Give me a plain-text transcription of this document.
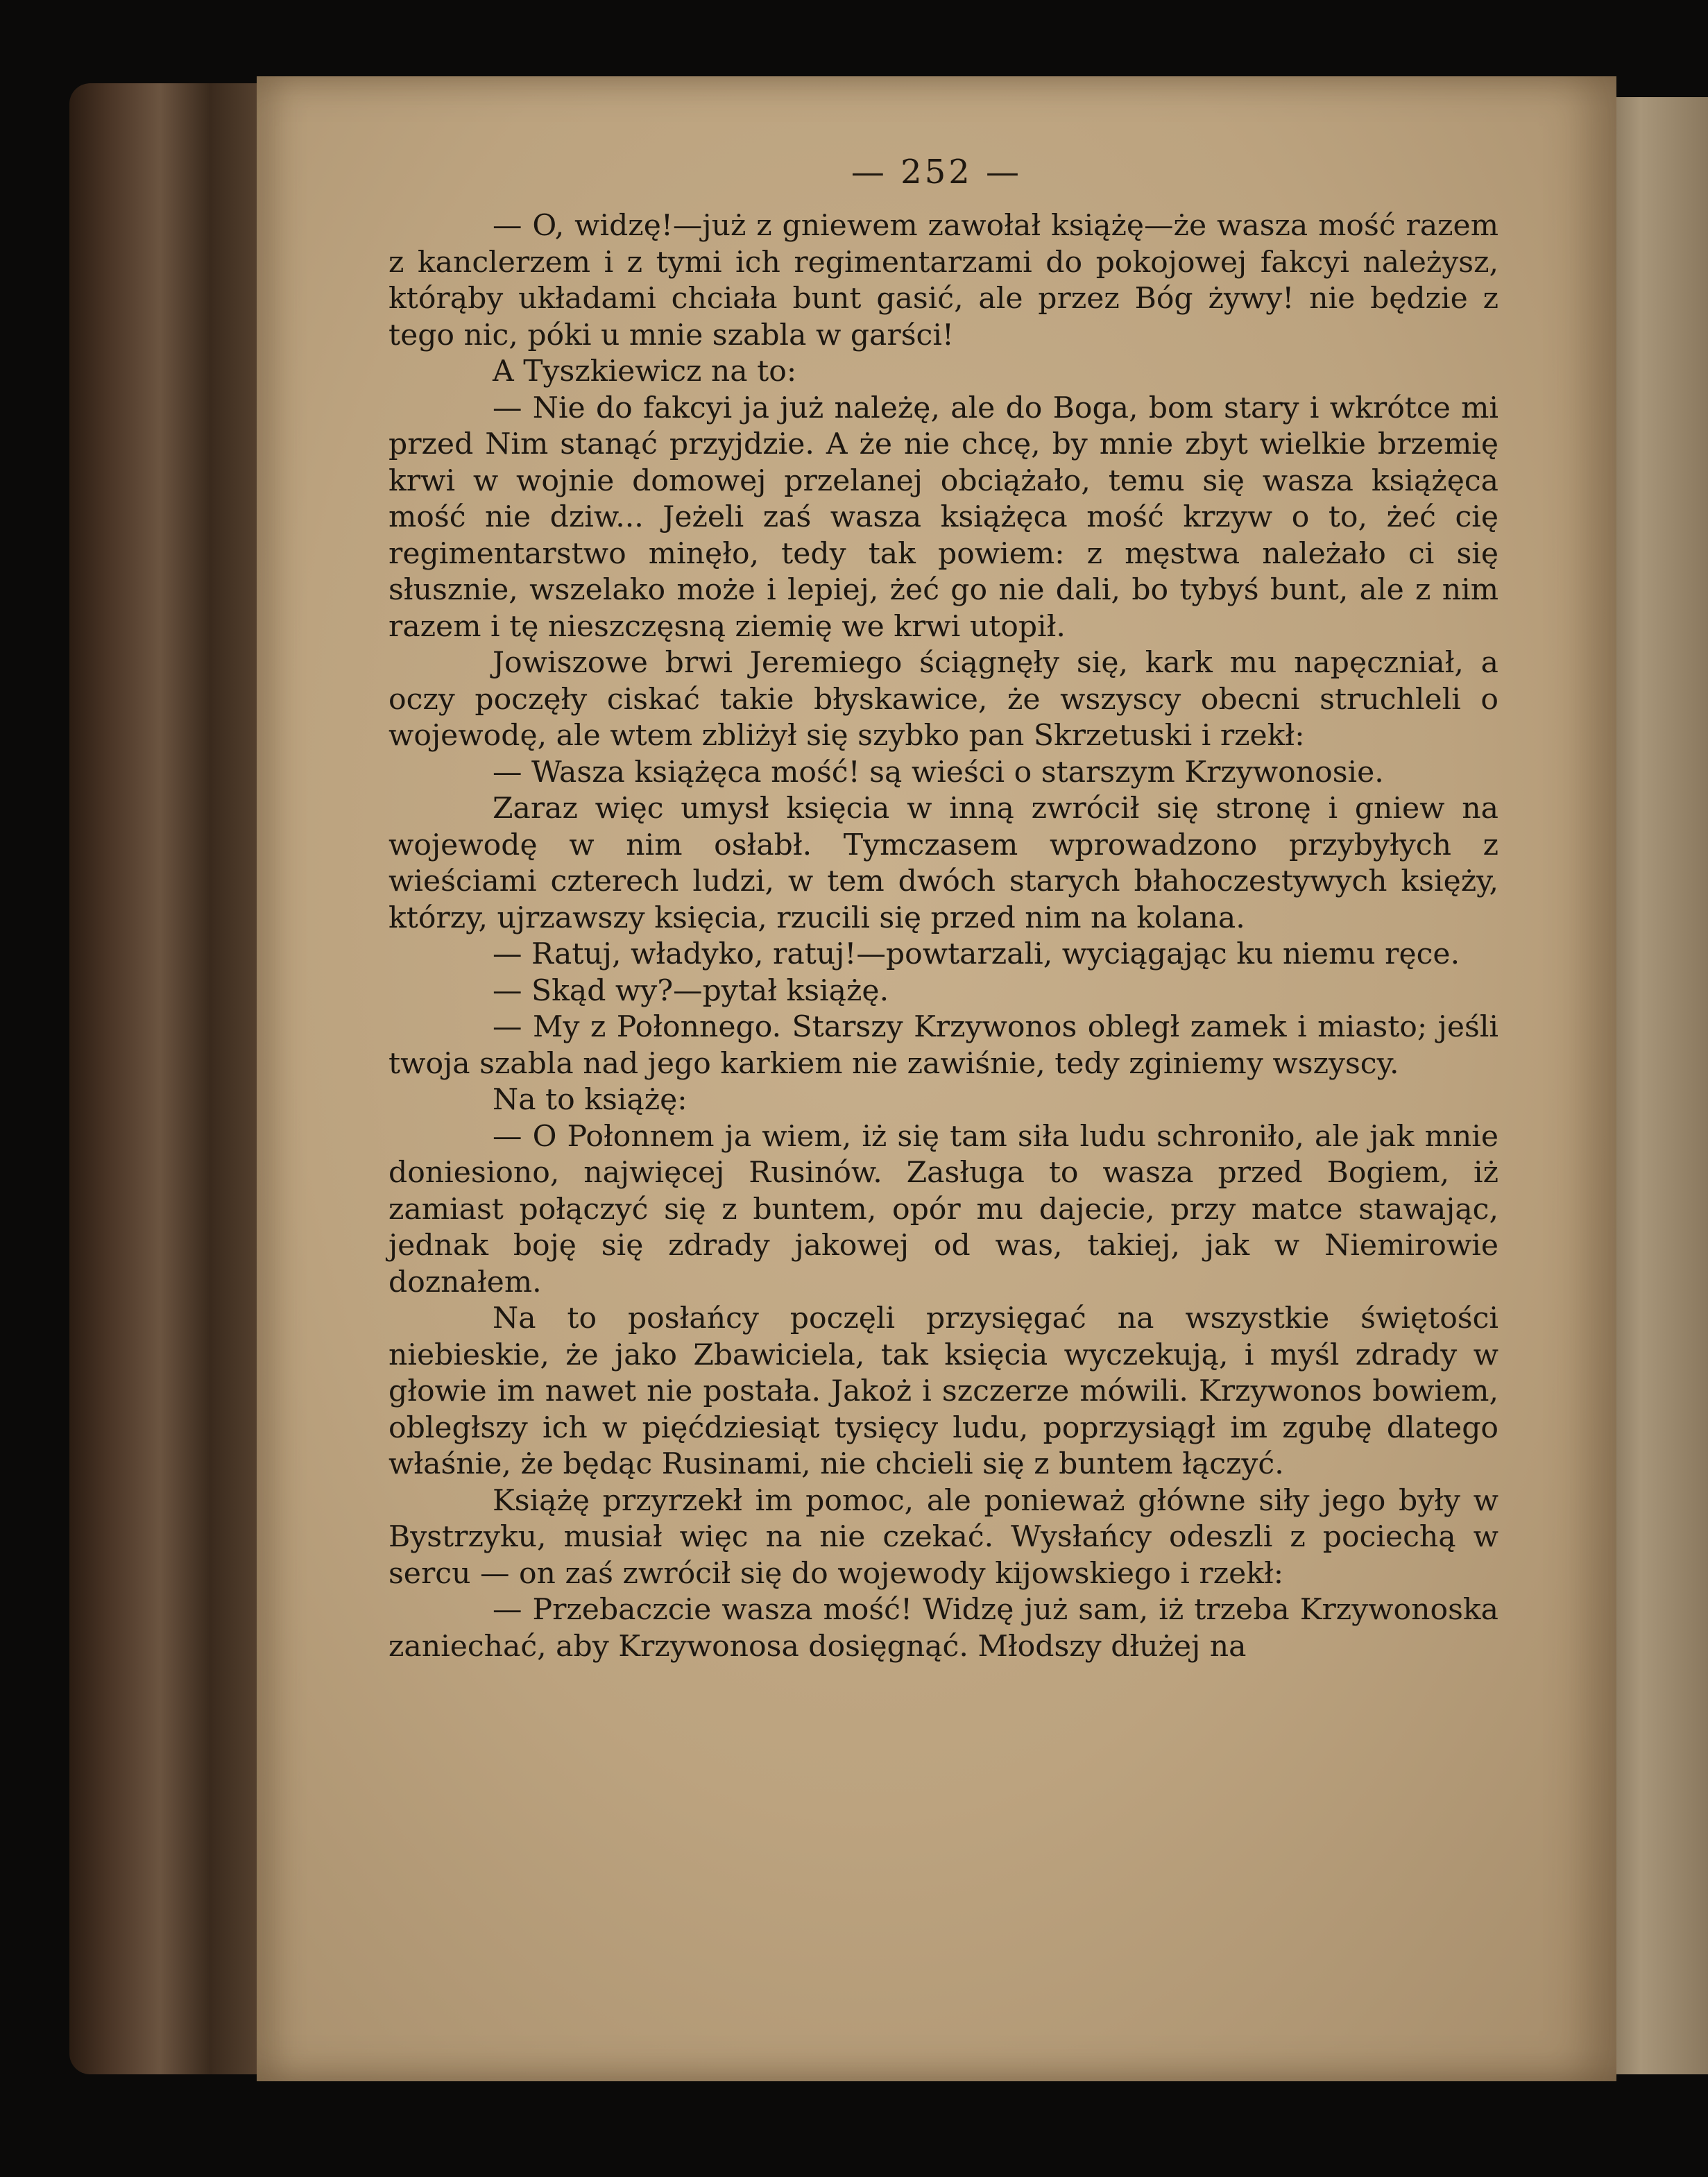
— 252 —

— O, widzę!—już z gniewem zawołał książę—że wasza mość razem z kanclerzem i z tymi ich regimentarzami do pokojowej fakcyi należysz, którąby układami chciała bunt gasić, ale przez Bóg żywy! nie będzie z tego nic, póki u mnie szabla w garści!

A Tyszkiewicz na to:

— Nie do fakcyi ja już należę, ale do Boga, bom stary i wkrótce mi przed Nim stanąć przyjdzie. A że nie chcę, by mnie zbyt wielkie brzemię krwi w wojnie domowej przelanej obciążało, temu się wasza książęca mość nie dziw... Jeżeli zaś wasza książęca mość krzyw o to, żeć cię regimentarstwo minęło, tedy tak powiem: z męstwa należało ci się słusznie, wszelako może i lepiej, żeć go nie dali, bo tybyś bunt, ale z nim razem i tę nieszczęsną ziemię we krwi utopił.

Jowiszowe brwi Jeremiego ściągnęły się, kark mu napęczniał, a oczy poczęły ciskać takie błyskawice, że wszyscy obecni struchleli o wojewodę, ale wtem zbliżył się szybko pan Skrzetuski i rzekł:

— Wasza książęca mość! są wieści o starszym Krzywonosie.

Zaraz więc umysł księcia w inną zwrócił się stronę i gniew na wojewodę w nim osłabł. Tymczasem wprowadzono przybyłych z wieściami czterech ludzi, w tem dwóch starych błahoczestywych księży, którzy, ujrzawszy księcia, rzucili się przed nim na kolana.

— Ratuj, władyko, ratuj!—powtarzali, wyciągając ku niemu ręce.

— Skąd wy?—pytał książę.

— My z Połonnego. Starszy Krzywonos obległ zamek i miasto; jeśli twoja szabla nad jego karkiem nie zawiśnie, tedy zginiemy wszyscy.

Na to książę:

— O Połonnem ja wiem, iż się tam siła ludu schroniło, ale jak mnie doniesiono, najwięcej Rusinów. Zasługa to wasza przed Bogiem, iż zamiast połączyć się z buntem, opór mu dajecie, przy matce stawając, jednak boję się zdrady jakowej od was, takiej, jak w Niemirowie doznałem.

Na to posłańcy poczęli przysięgać na wszystkie świętości niebieskie, że jako Zbawiciela, tak księcia wyczekują, i myśl zdrady w głowie im nawet nie postała. Jakoż i szczerze mówili. Krzywonos bowiem, obległszy ich w pięćdziesiąt tysięcy ludu, poprzysiągł im zgubę dlatego właśnie, że będąc Rusinami, nie chcieli się z buntem łączyć.

Książę przyrzekł im pomoc, ale ponieważ główne siły jego były w Bystrzyku, musiał więc na nie czekać. Wysłańcy odeszli z pociechą w sercu — on zaś zwrócił się do wojewody kijowskiego i rzekł:

— Przebaczcie wasza mość! Widzę już sam, iż trzeba Krzywonoska zaniechać, aby Krzywonosa dosięgnąć. Młodszy dłużej na
